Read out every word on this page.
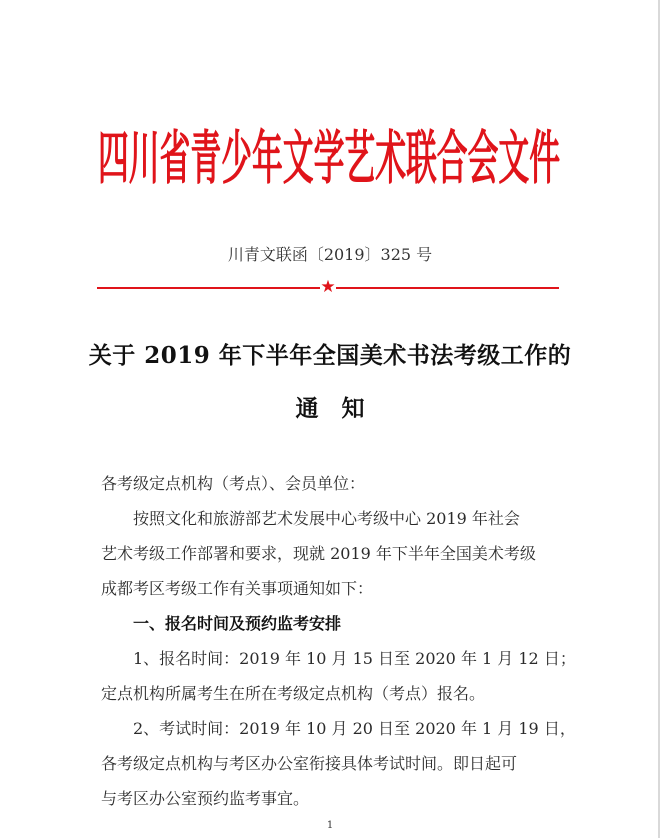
四川省青少年文学艺术联合会文件
川青文联函〔2019〕325 号
★
关于 2019 年下半年全国美术书法考级工作的
通　知

各考级定点机构（考点）、会员单位：

按照文化和旅游部艺术发展中心考级中心 2019 年社会
艺术考级工作部署和要求，现就 2019 年下半年全国美术考级
成都考区考级工作有关事项通知如下：

一、报名时间及预约监考安排

1、报名时间：2019 年 10 月 15 日至 2020 年 1 月 12 日；
定点机构所属考生在所在考级定点机构（考点）报名。

2、考试时间：2019 年 10 月 20 日至 2020 年 1 月 19 日，
各考级定点机构与考区办公室衔接具体考试时间。即日起可
与考区办公室预约监考事宜。

1
